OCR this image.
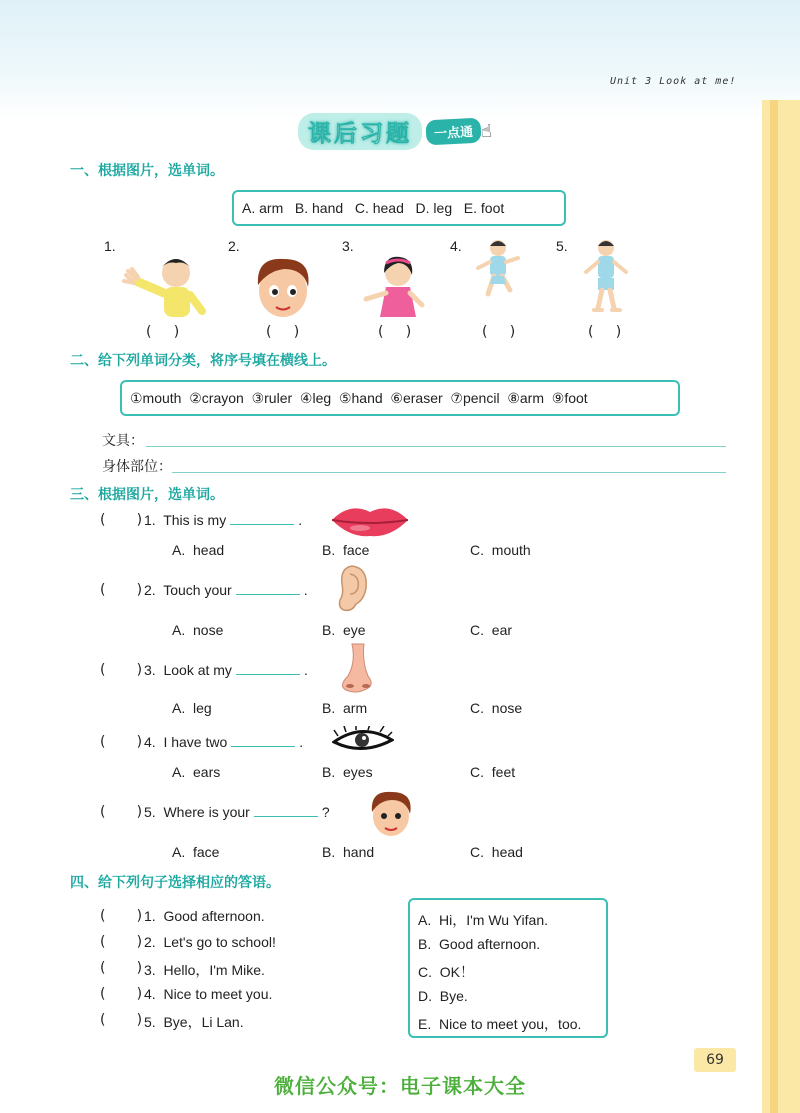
Unit 3 Look at me!
课后习题	一点通 ☝
一、根据图片，选单词。
A. arm   B. hand   C. head   D. leg   E. foot
1.
(     )
2.
(     )
3.
(     )
4.
(     )
5.
(     )
二、给下列单词分类，将序号填在横线上。
①mouth  ②crayon  ③ruler  ④leg  ⑤hand  ⑥eraser  ⑦pencil  ⑧arm  ⑨foot
文具：
身体部位：
三、根据图片，选单词。
(       ) 1.  This is my	.
A.  head	B.  face	C.  mouth
(       ) 2.  Touch your	.
A.  nose	B.  eye	C.  ear
(       ) 3.  Look at my	.
A.  leg	B.  arm	C.  nose
(       ) 4.  I have two	.
A.  ears	B.  eyes	C.  feet
(       ) 5.  Where is your	?
A.  face	B.  hand	C.  head
四、给下列句子选择相应的答语。
(       ) 1.  Good afternoon.
(       ) 2.  Let's go to school!
(       ) 3.  Hello，I'm Mike.
(       ) 4.  Nice to meet you.
(       ) 5.  Bye，Li Lan.
A.  Hi，I'm Wu Yifan.
B.  Good afternoon.
C.  OK！
D.  Bye.
E.  Nice to meet you，too.
69
微信公众号：电子课本大全
